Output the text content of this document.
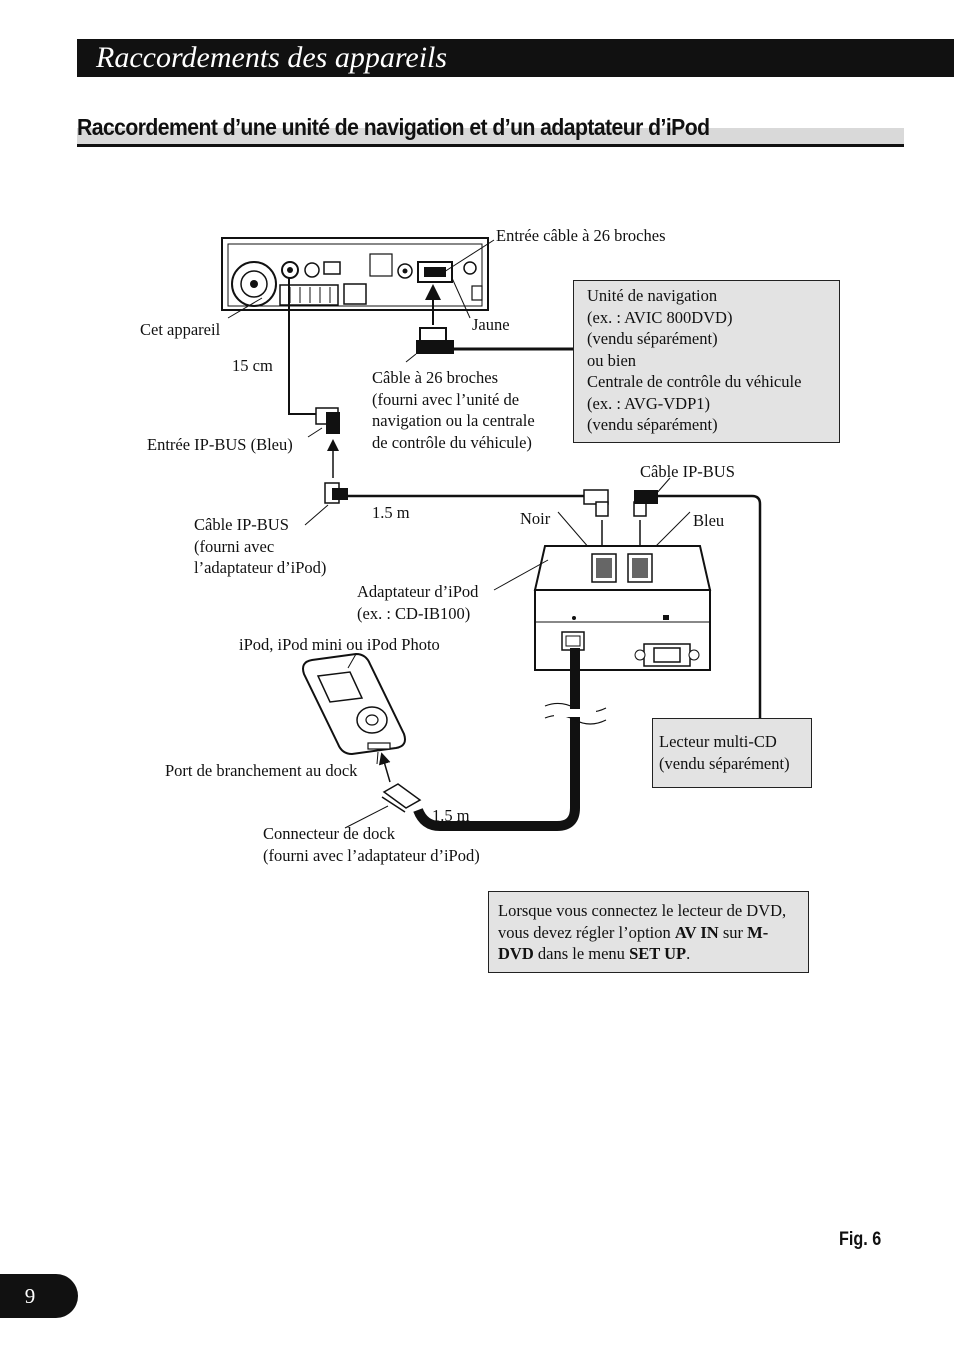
Raccordements des appareils
Raccordement d’une unité de navigation et d’un adaptateur d’iPod
Entrée câble à 26 broches
Cet appareil	Jaune
15 cm
Câble à 26 broches
(fourni avec l’unité de
navigation ou la centrale
de contrôle du véhicule)
Unité de navigation
(ex. : AVIC 800DVD)
(vendu séparément)
ou bien
Centrale de contrôle du véhicule
(ex. : AVG-VDP1)
(vendu séparément)
Entrée IP-BUS (Bleu)
Câble IP-BUS
1.5 m	Noir	Bleu
Câble IP-BUS
(fourni avec
l’adaptateur d’iPod)
Adaptateur d’iPod
(ex. : CD-IB100)
iPod, iPod mini ou iPod Photo
Lecteur multi-CD
(vendu séparément)
Port de branchement au dock
1.5 m
Connecteur de dock
(fourni avec l’adaptateur d’iPod)
Lorsque vous connectez le lecteur de DVD, vous devez régler l’option AV IN sur M-DVD dans le menu SET UP.
Fig. 6
9
